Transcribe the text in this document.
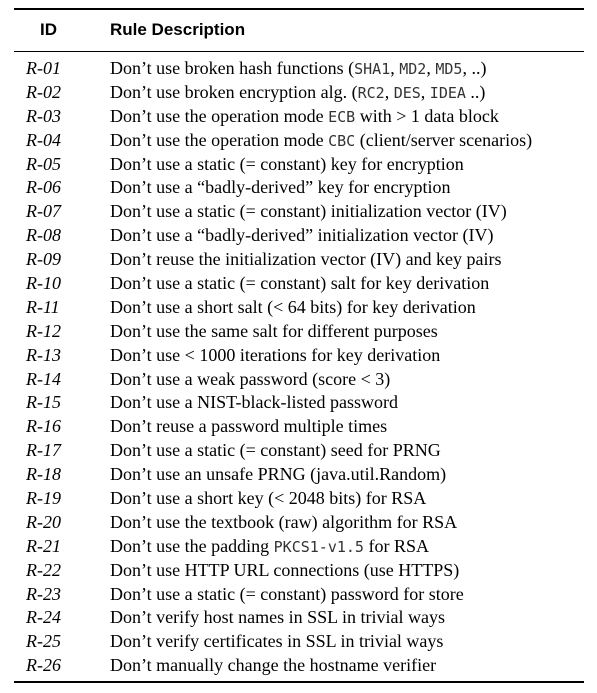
ID	Rule Description
R-01	Don’t use broken hash functions (SHA1, MD2, MD5, ..)
R-02	Don’t use broken encryption alg. (RC2, DES, IDEA ..)
R-03	Don’t use the operation mode ECB with > 1 data block
R-04	Don’t use the operation mode CBC (client/server scenarios)
R-05	Don’t use a static (= constant) key for encryption
R-06	Don’t use a “badly-derived” key for encryption
R-07	Don’t use a static (= constant) initialization vector (IV)
R-08	Don’t use a “badly-derived” initialization vector (IV)
R-09	Don’t reuse the initialization vector (IV) and key pairs
R-10	Don’t use a static (= constant) salt for key derivation
R-11	Don’t use a short salt (< 64 bits) for key derivation
R-12	Don’t use the same salt for different purposes
R-13	Don’t use < 1000 iterations for key derivation
R-14	Don’t use a weak password (score < 3)
R-15	Don’t use a NIST-black-listed password
R-16	Don’t reuse a password multiple times
R-17	Don’t use a static (= constant) seed for PRNG
R-18	Don’t use an unsafe PRNG (java.util.Random)
R-19	Don’t use a short key (< 2048 bits) for RSA
R-20	Don’t use the textbook (raw) algorithm for RSA
R-21	Don’t use the padding PKCS1-v1.5 for RSA
R-22	Don’t use HTTP URL connections (use HTTPS)
R-23	Don’t use a static (= constant) password for store
R-24	Don’t verify host names in SSL in trivial ways
R-25	Don’t verify certificates in SSL in trivial ways
R-26	Don’t manually change the hostname verifier
